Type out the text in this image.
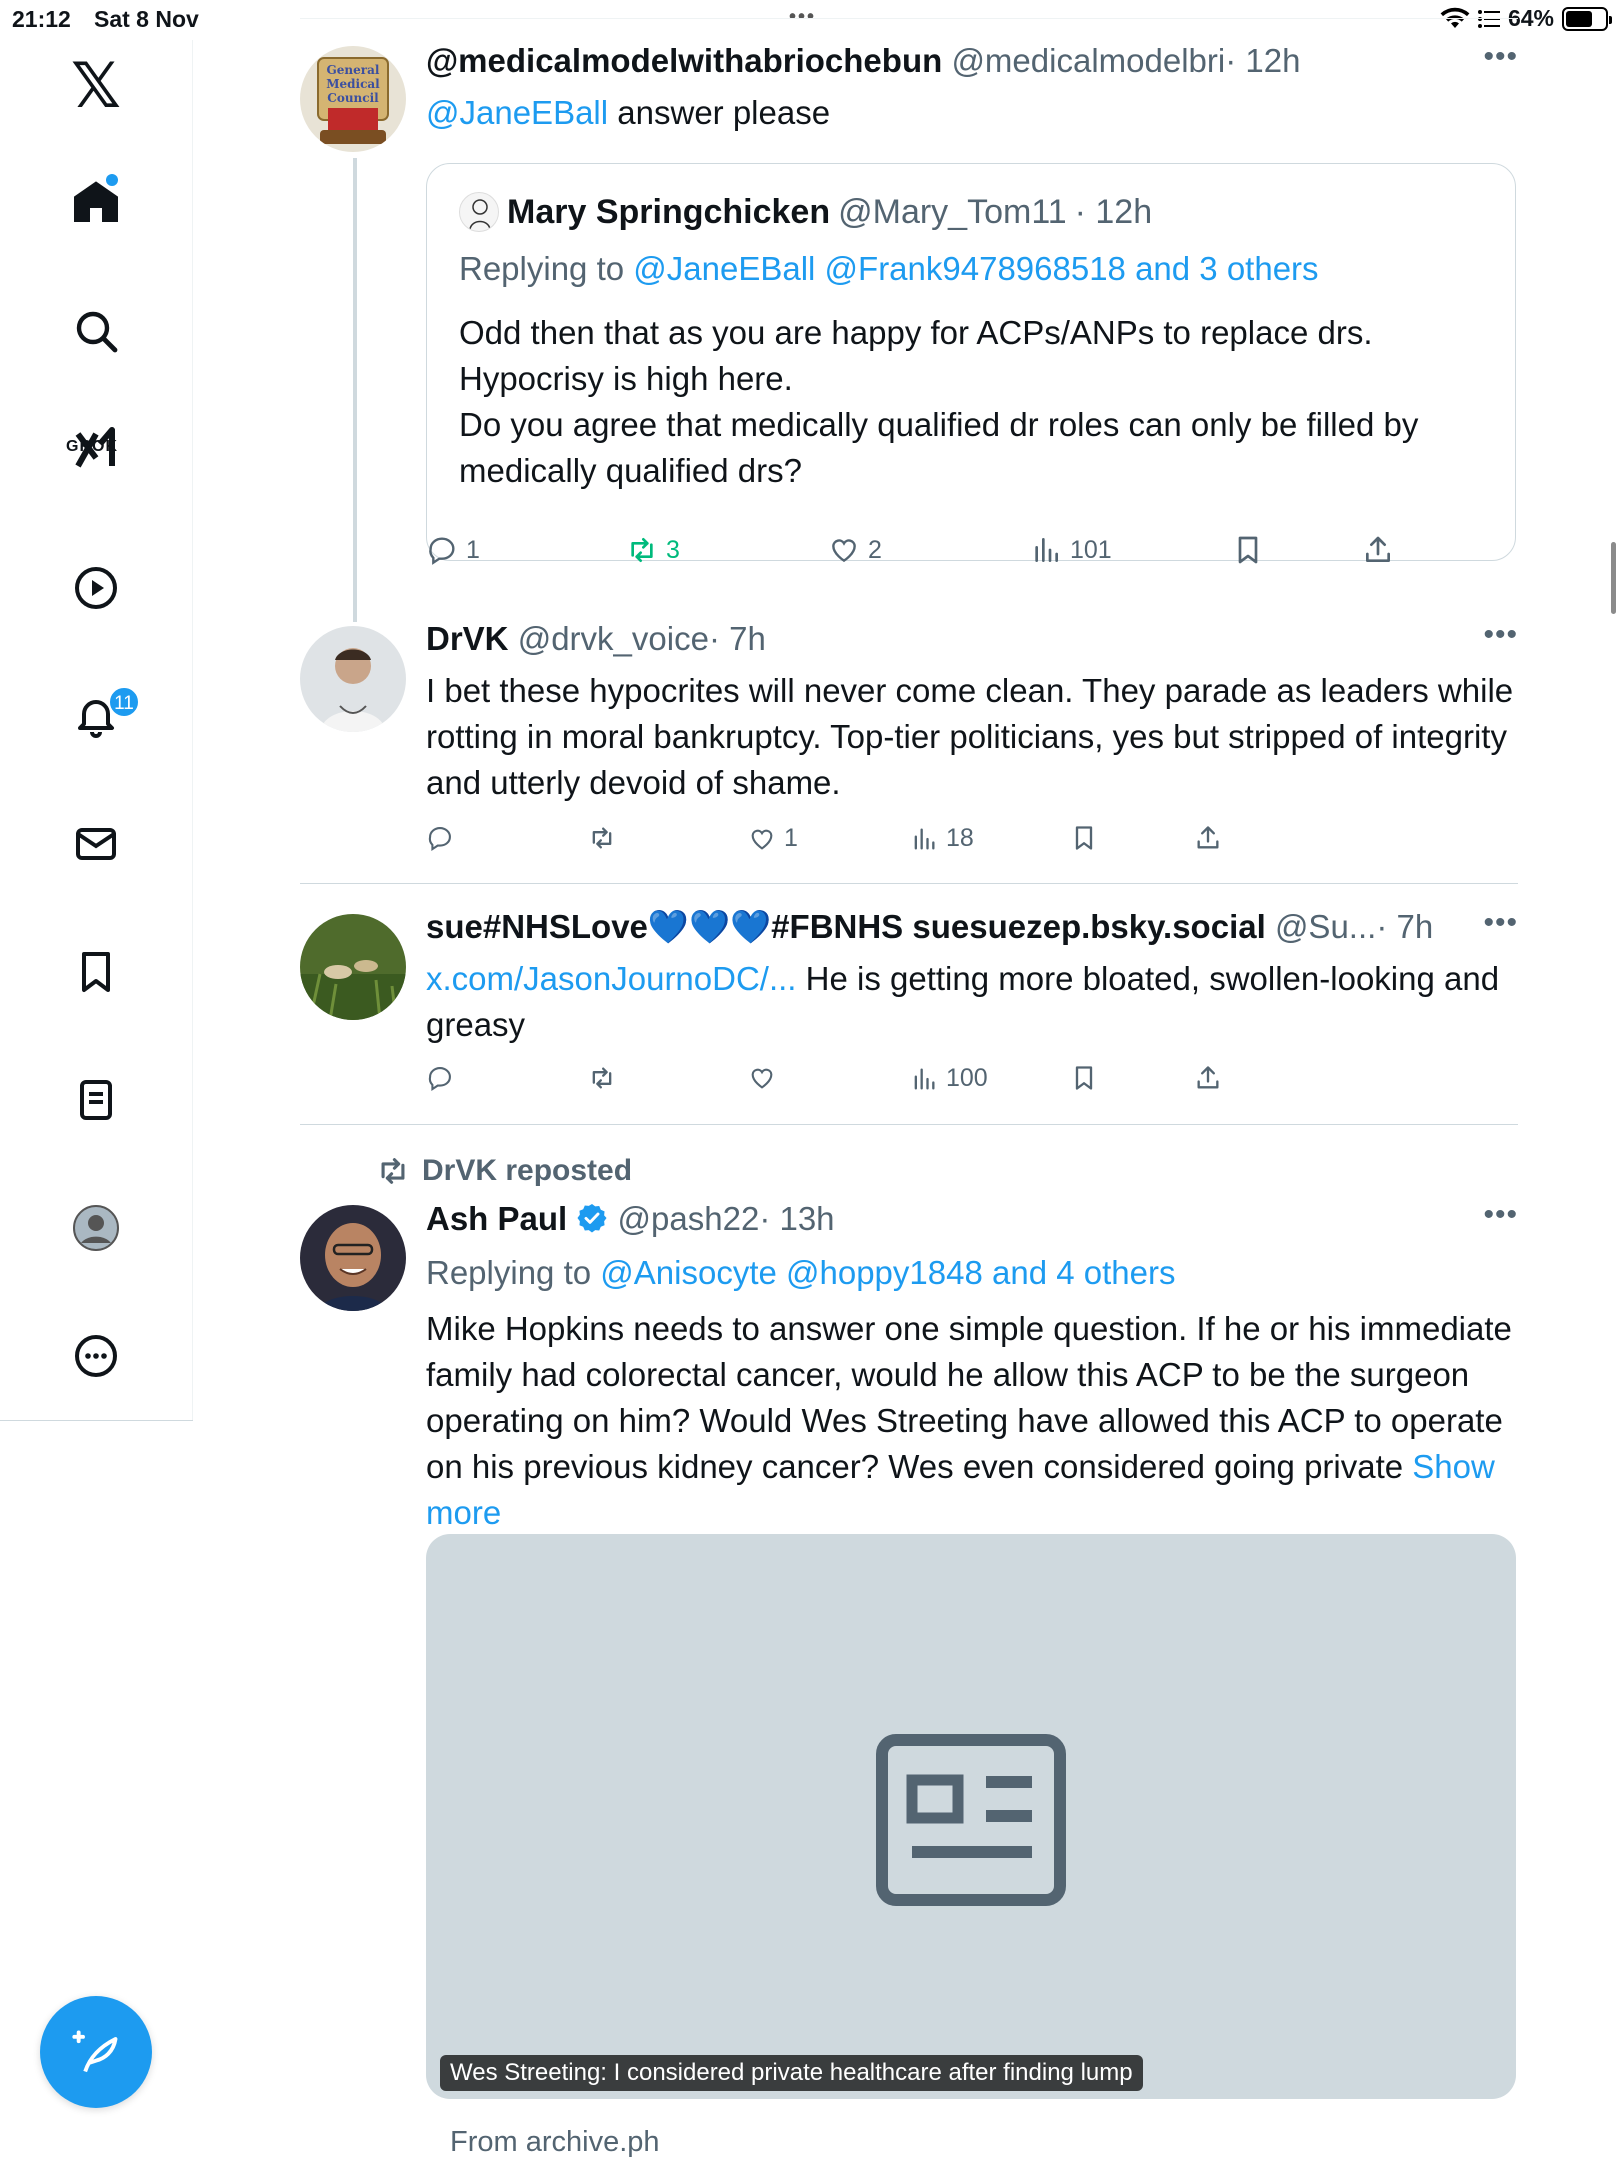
21:12 Sat 8 Nov	•••	64%
𝕏
GROK
11
General
Medical
Council
@medicalmodelwithabriochebun @medicalmodelbri· 12h	•••
@JaneEBall answer please
Mary Springchicken @Mary_Tom11 · 12h
Replying to @JaneEBall @Frank9478968518 and 3 others
Odd then that as you are happy for ACPs/ANPs to replace drs.
Hypocrisy is high here.
Do you agree that medically qualified dr roles can only be filled by medically qualified drs?
1	3	2	101
DrVK @drvk_voice· 7h	•••
I bet these hypocrites will never come clean. They parade as leaders while rotting in moral bankruptcy. Top-tier politicians, yes but stripped of integrity and utterly devoid of shame.
1	18
sue#NHSLove💙💙💙#FBNHS suesuezep.bsky.social @Su...· 7h •••
x.com/JasonJournoDC/... He is getting more bloated, swollen-looking and greasy
100
DrVK reposted
Ash Paul @pash22· 13h	•••
Replying to @Anisocyte @hoppy1848 and 4 others
Mike Hopkins needs to answer one simple question. If he or his immediate family had colorectal cancer, would he allow this ACP to be the surgeon operating on him? Would Wes Streeting have allowed this ACP to operate on his previous kidney cancer? Wes even considered going private Show more
Wes Streeting: I considered private healthcare after finding lump
From archive.ph
